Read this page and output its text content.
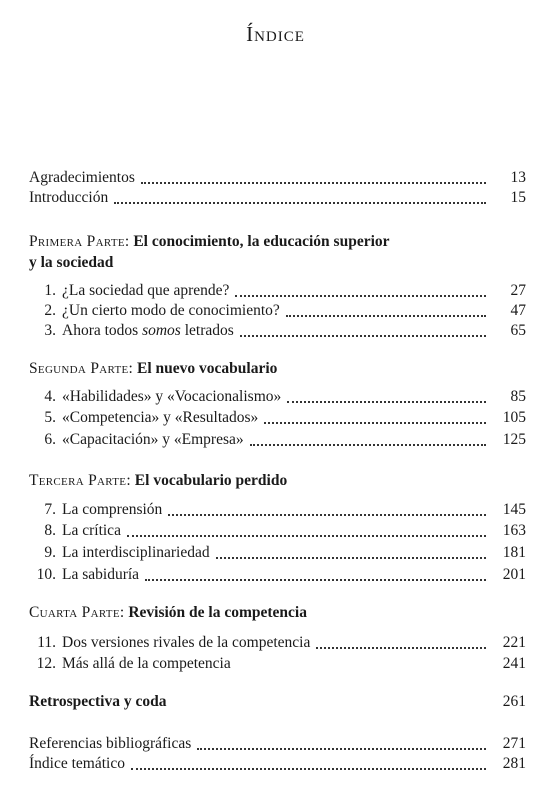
Índice
Agradecimientos	13
Introducción	15
Primera Parte: El conocimiento, la educación superior
y la sociedad
1. ¿La sociedad que aprende?	27
2. ¿Un cierto modo de conocimiento?	47
3. Ahora todos somos letrados	65
Segunda Parte: El nuevo vocabulario
4. «Habilidades» y «Vocacionalismo»	85
5. «Competencia» y «Resultados»	105
6. «Capacitación» y «Empresa»	125
Tercera Parte: El vocabulario perdido
7. La comprensión	145
8. La crítica	163
9. La interdisciplinariedad	181
10. La sabiduría	201
Cuarta Parte: Revisión de la competencia
11. Dos versiones rivales de la competencia	221
12. Más allá de la competencia	241
Retrospectiva y coda	261
Referencias bibliográficas	271
Índice temático	281
